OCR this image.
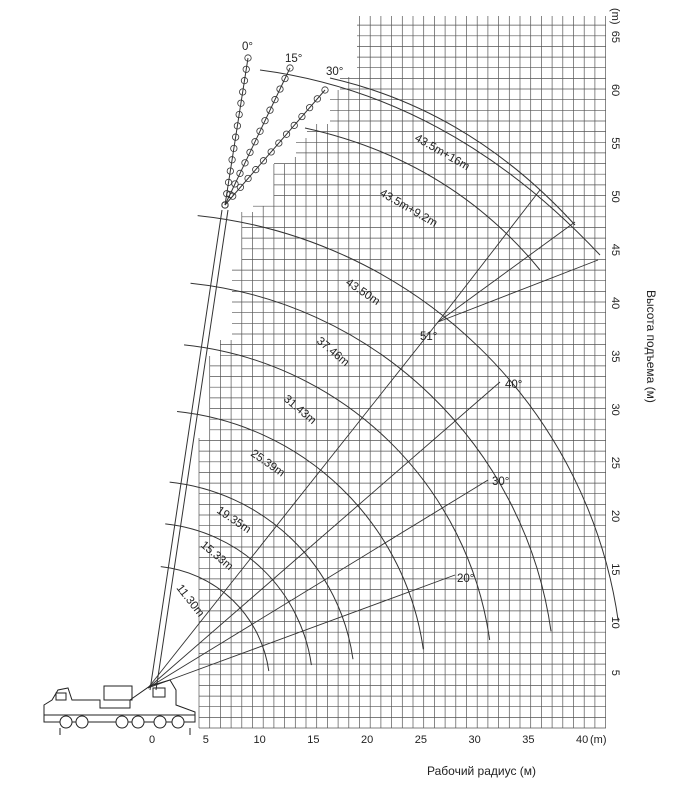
0	5	10	15	20	25	30	35	40
5
10
15
20
25
30
35
40
45
50
55
60
65
(m)
(m)
Рабочий радиус (м)
Высота подъема (м)
11.30m
15.33m
19.35m
25.39m
31.43m
37.46m
43.50m
43.5m+9.2m
43.5m+16m
20°
30°
40°
51°
0°
15°
30°
